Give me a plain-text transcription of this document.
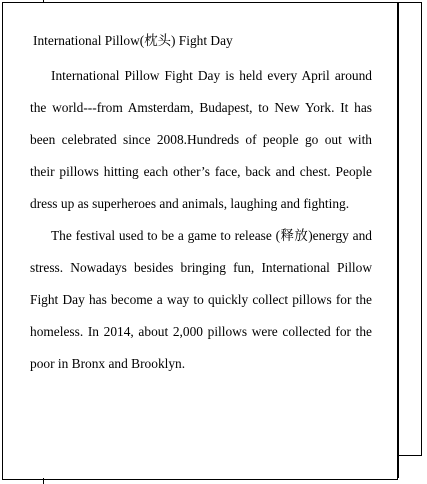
International Pillow(枕头) Fight Day

International Pillow Fight Day is held every April around the world---from Amsterdam, Budapest, to New York. It has been celebrated since 2008.Hundreds of people go out with their pillows hitting each other’s face, back and chest. People dress up as superheroes and animals, laughing and fighting.

The festival used to be a game to release (释放)energy and stress. Nowadays besides bringing fun, International Pillow Fight Day has become a way to quickly collect pillows for the homeless. In 2014, about 2,000 pillows were collected for the poor in Bronx and Brooklyn.
